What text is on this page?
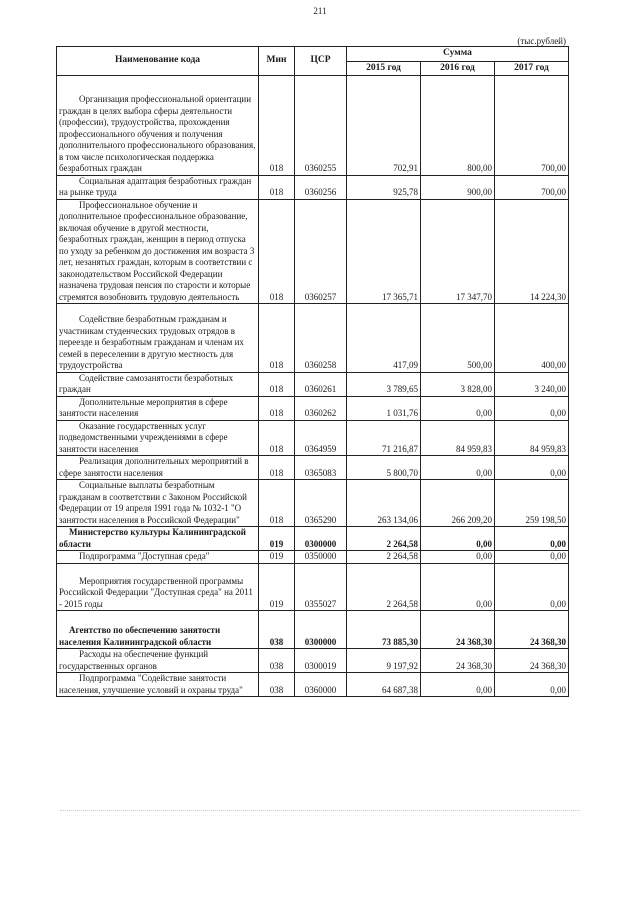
211
(тыс.рублей)
Наименование кода	Мин	ЦСР	Сумма		
			2015 год	2016 год	2017 год
Организация профессиональной ориентации граждан в целях выбора сферы деятельности (профессии), трудоустройства, прохождения профессионального обучения и получения дополнительного профессионального образования, в том числе психологическая поддержка безработных граждан	018	0360255	702,91	800,00	700,00
Социальная адаптация безработных граждан на рынке труда	018	0360256	925,78	900,00	700,00
Профессиональное обучение и дополнительное профессиональное образование, включая обучение в другой местности, безработных граждан, женщин в период отпуска по уходу за ребенком до достижения им возраста 3 лет, незанятых граждан, которым в соответствии с законодательством Российской Федерации назначена трудовая пенсия по старости и которые стремятся возобновить трудовую деятельность	018	0360257	17 365,71	17 347,70	14 224,30
Содействие безработным гражданам и участникам студенческих трудовых отрядов в переезде и безработным гражданам и членам их семей в переселении в другую местность для трудоустройства	018	0360258	417,09	500,00	400,00
Содействие самозанятости безработных граждан	018	0360261	3 789,65	3 828,00	3 240,00
Дополнительные мероприятия в сфере занятости населения	018	0360262	1 031,76	0,00	0,00
Оказание государственных услуг подведомственными учреждениями в сфере занятости населения	018	0364959	71 216,87	84 959,83	84 959,83
Реализация дополнительных мероприятий в сфере занятости населения	018	0365083	5 800,70	0,00	0,00
Социальные выплаты безработным гражданам в соответствии с Законом Российской Федерации от 19 апреля 1991 года № 1032-1 "О занятости населения в Российской Федерации"	018	0365290	263 134,06	266 209,20	259 198,50
Министерство культуры Калининградской области	019	0300000	2 264,58	0,00	0,00
Подпрограмма "Доступная среда"	019	0350000	2 264,58	0,00	0,00
Мероприятия государственной программы Российской Федерации "Доступная среда" на 2011 - 2015 годы	019	0355027	2 264,58	0,00	0,00
Агентство по обеспечению занятости населения Калининградской области	038	0300000	73 885,30	24 368,30	24 368,30
Расходы на обеспечение функций государственных органов	038	0300019	9 197,92	24 368,30	24 368,30
Подпрограмма "Содействие занятости населения, улучшение условий и охраны труда"	038	0360000	64 687,38	0,00	0,00
